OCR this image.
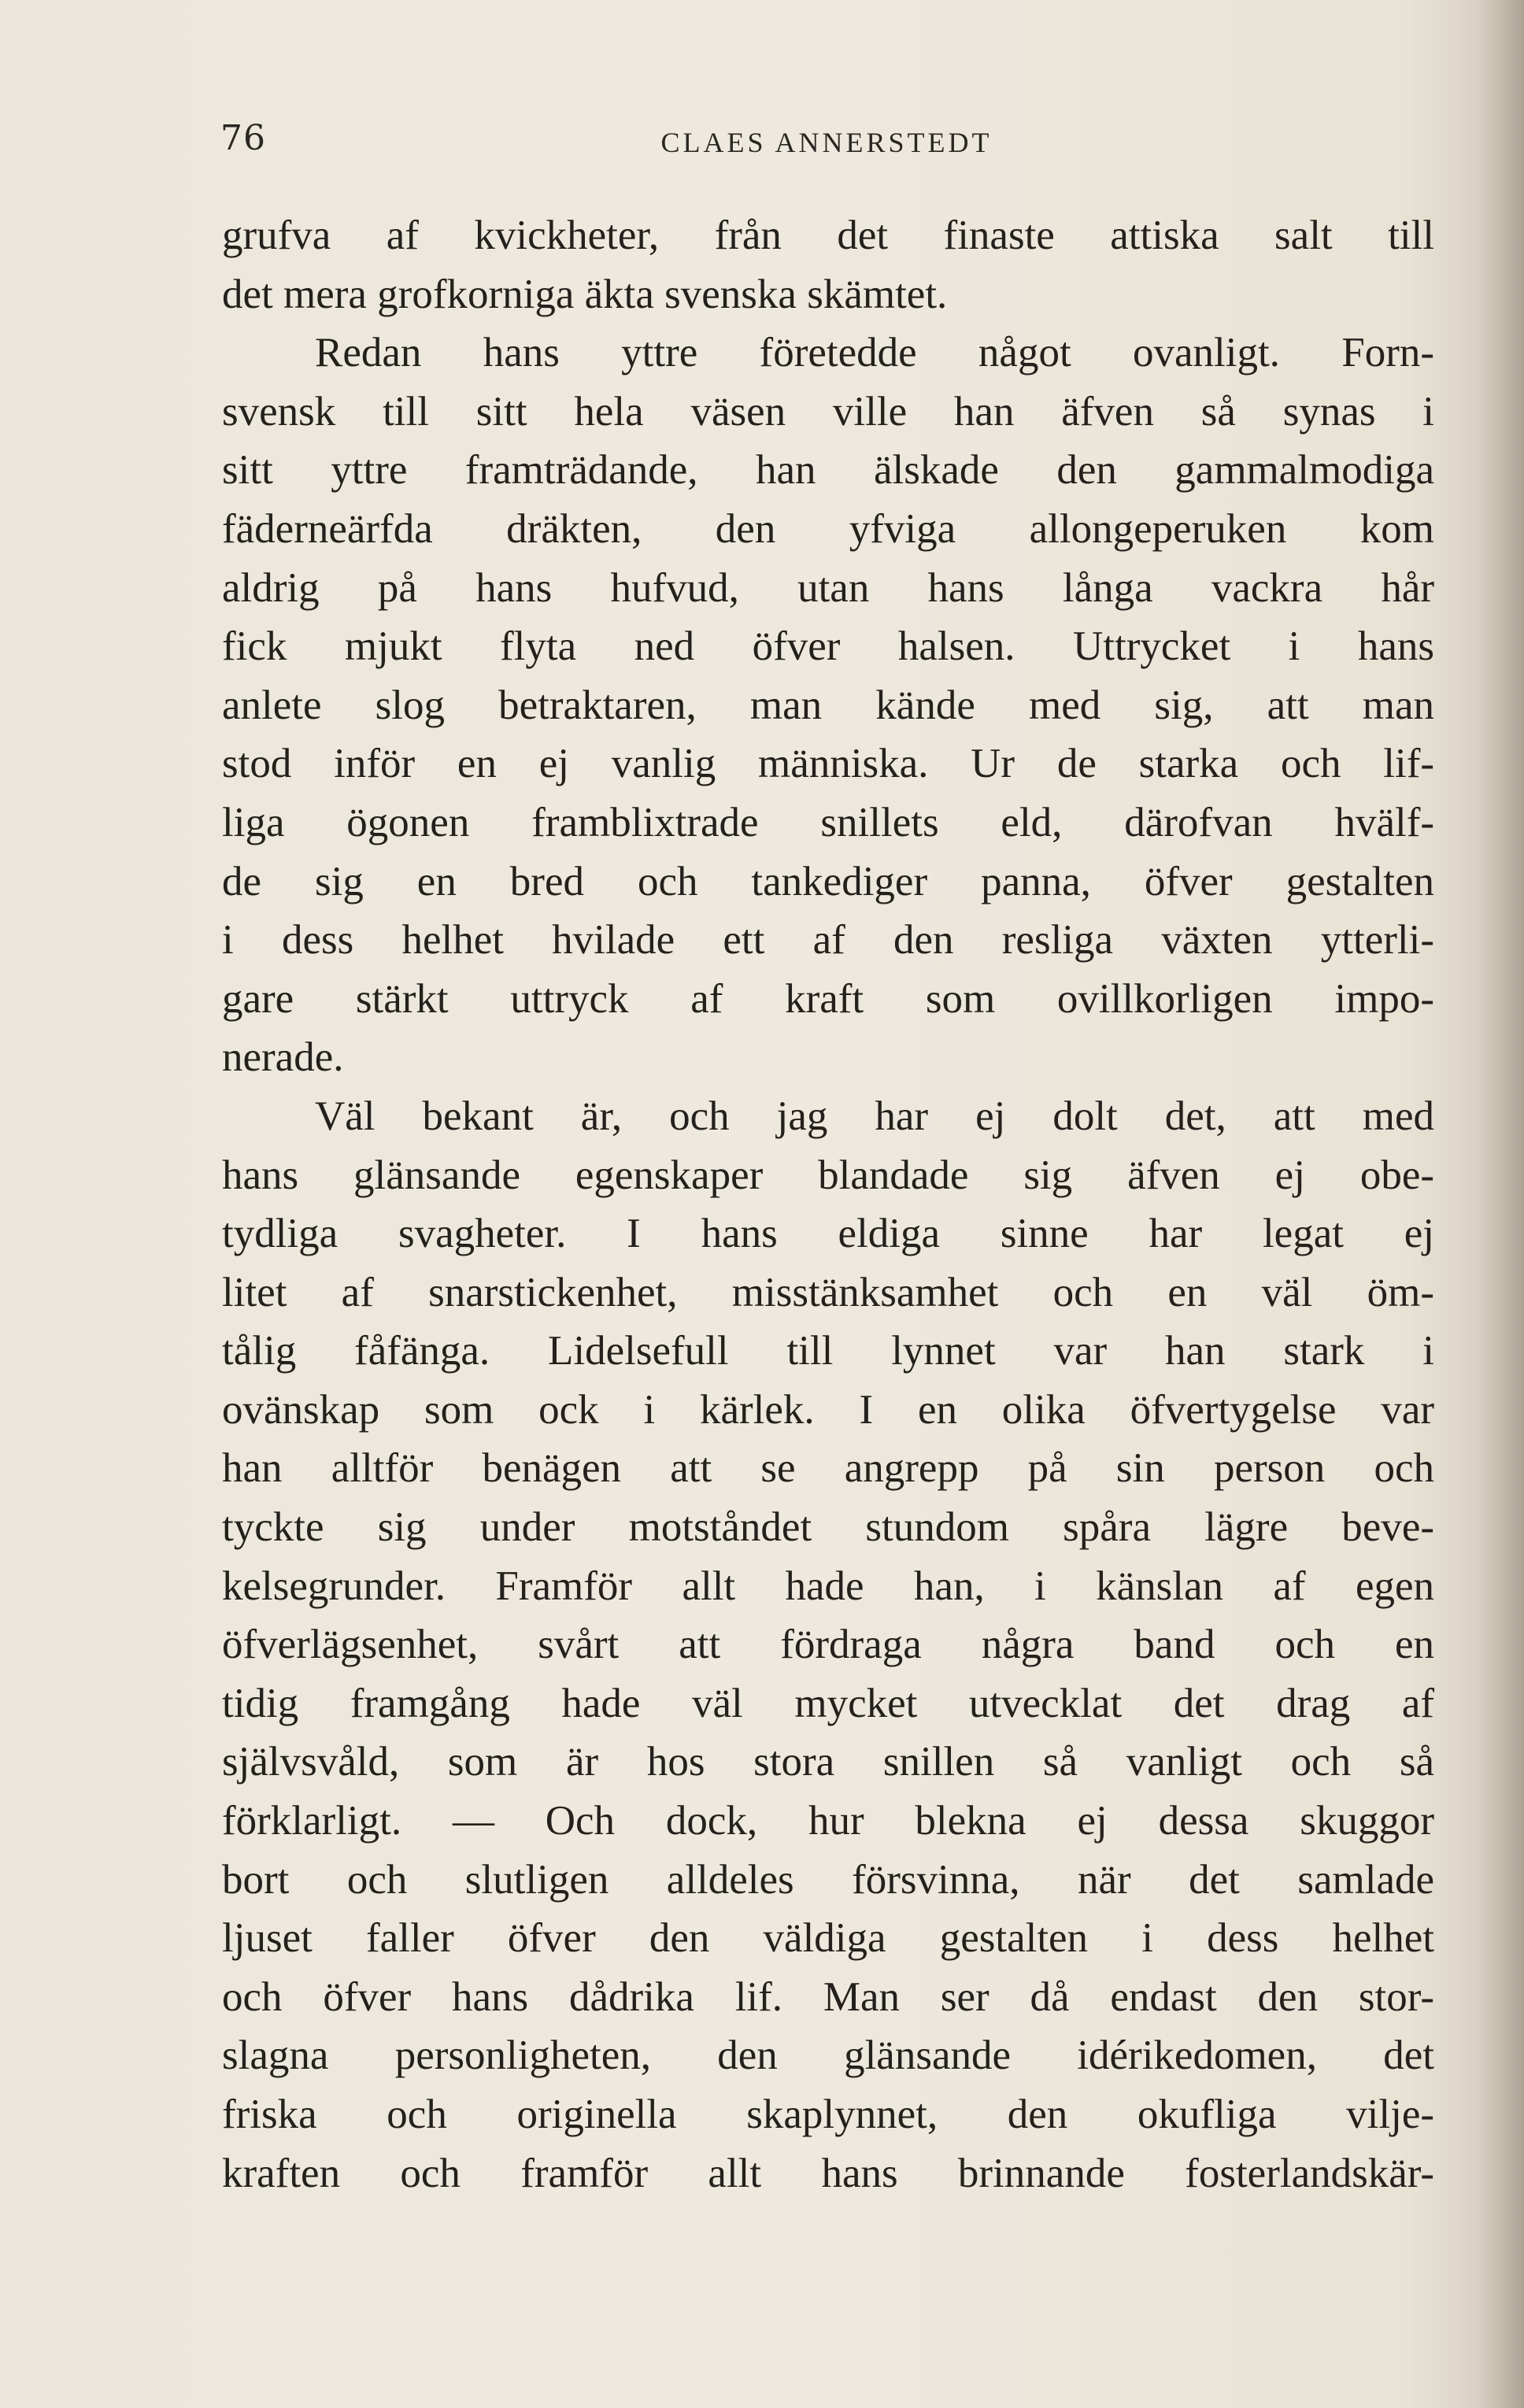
76	CLAES ANNERSTEDT
grufva af kvickheter, från det finaste attiska salt till
det mera grofkorniga äkta svenska skämtet.
Redan hans yttre företedde något ovanligt. Forn-
svensk till sitt hela väsen ville han äfven så synas i
sitt yttre framträdande, han älskade den gammalmodiga
fäderneärfda dräkten, den yfviga allongeperuken kom
aldrig på hans hufvud, utan hans långa vackra hår
fick mjukt flyta ned öfver halsen. Uttrycket i hans
anlete slog betraktaren, man kände med sig, att man
stod inför en ej vanlig människa. Ur de starka och lif-
liga ögonen framblixtrade snillets eld, därofvan hvälf-
de sig en bred och tankediger panna, öfver gestalten
i dess helhet hvilade ett af den resliga växten ytterli-
gare stärkt uttryck af kraft som ovillkorligen impo-
nerade.
Väl bekant är, och jag har ej dolt det, att med
hans glänsande egenskaper blandade sig äfven ej obe-
tydliga svagheter. I hans eldiga sinne har legat ej
litet af snarstickenhet, misstänksamhet och en väl öm-
tålig fåfänga. Lidelsefull till lynnet var han stark i
ovänskap som ock i kärlek. I en olika öfvertygelse var
han alltför benägen att se angrepp på sin person och
tyckte sig under motståndet stundom spåra lägre beve-
kelsegrunder. Framför allt hade han, i känslan af egen
öfverlägsenhet, svårt att fördraga några band och en
tidig framgång hade väl mycket utvecklat det drag af
självsvåld, som är hos stora snillen så vanligt och så
förklarligt. — Och dock, hur blekna ej dessa skuggor
bort och slutligen alldeles försvinna, när det samlade
ljuset faller öfver den väldiga gestalten i dess helhet
och öfver hans dådrika lif. Man ser då endast den stor-
slagna personligheten, den glänsande idérikedomen, det
friska och originella skaplynnet, den okufliga vilje-
kraften och framför allt hans brinnande fosterlandskär-
